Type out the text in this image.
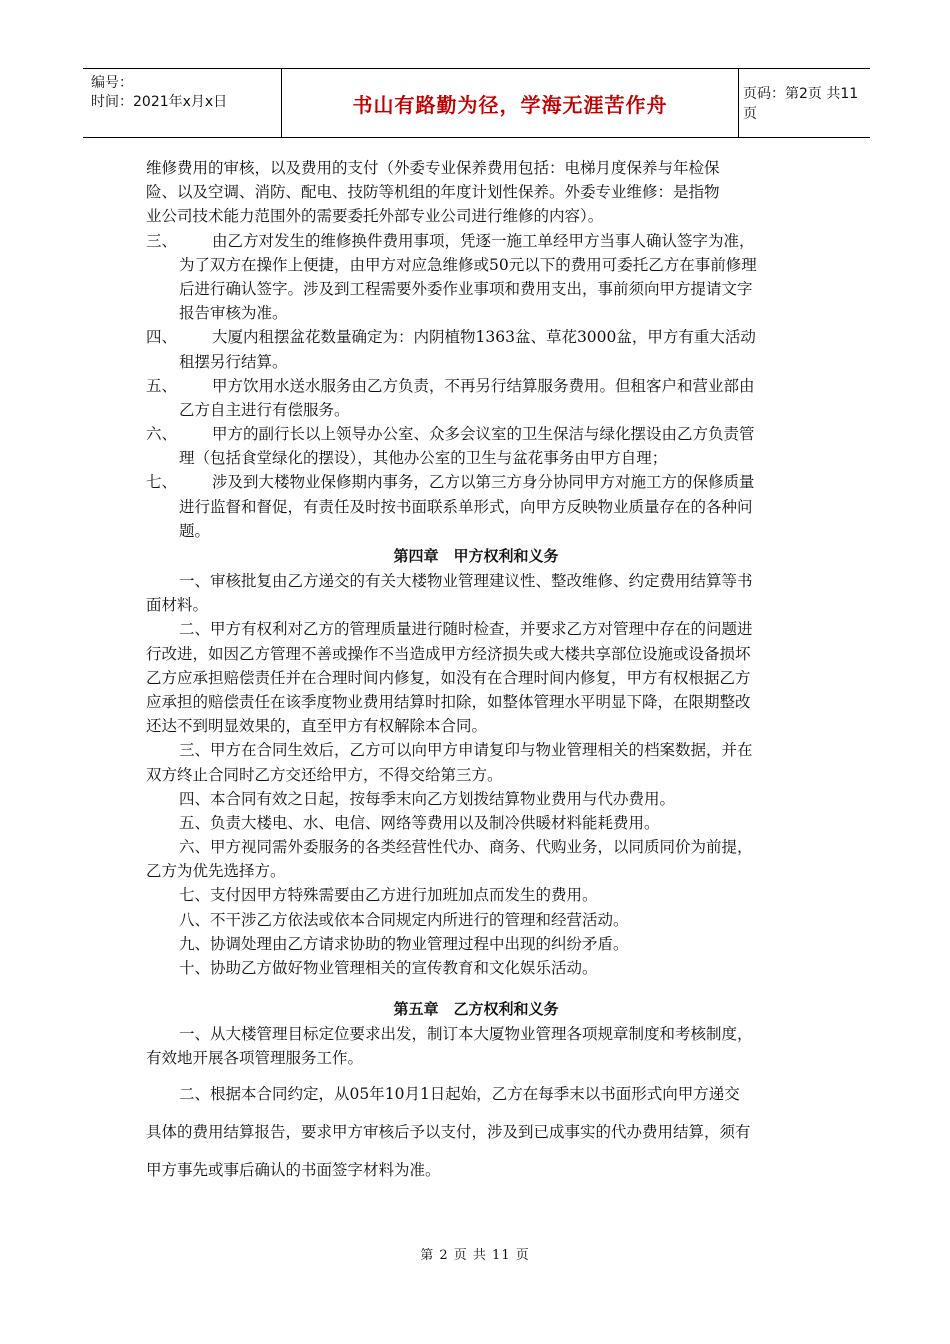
编号：
时间：2021年x月x日	书山有路勤为径，学海无涯苦作舟	页码：第2页 共11页
维修费用的审核，以及费用的支付（外委专业保养费用包括：电梯月度保养与年检保
险、以及空调、消防、配电、技防等机组的年度计划性保养。外委专业维修：是指物
业公司技术能力范围外的需要委托外部专业公司进行维修的内容）。
三、	由乙方对发生的维修换件费用事项，凭逐一施工单经甲方当事人确认签字为准，
为了双方在操作上便捷，由甲方对应急维修或50元以下的费用可委托乙方在事前修理
后进行确认签字。涉及到工程需要外委作业事项和费用支出，事前须向甲方提请文字
报告审核为准。
四、	大厦内租摆盆花数量确定为：内阴植物1363盆、草花3000盆，甲方有重大活动
租摆另行结算。
五、	甲方饮用水送水服务由乙方负责，不再另行结算服务费用。但租客户和营业部由
乙方自主进行有偿服务。
六、	甲方的副行长以上领导办公室、众多会议室的卫生保洁与绿化摆设由乙方负责管
理（包括食堂绿化的摆设），其他办公室的卫生与盆花事务由甲方自理；
七、	涉及到大楼物业保修期内事务，乙方以第三方身分协同甲方对施工方的保修质量
进行监督和督促，有责任及时按书面联系单形式，向甲方反映物业质量存在的各种问
题。
第四章　甲方权利和义务
一、审核批复由乙方递交的有关大楼物业管理建议性、整改维修、约定费用结算等书
面材料。
二、甲方有权利对乙方的管理质量进行随时检查，并要求乙方对管理中存在的问题进
行改进，如因乙方管理不善或操作不当造成甲方经济损失或大楼共享部位设施或设备损坏
乙方应承担赔偿责任并在合理时间内修复，如没有在合理时间内修复，甲方有权根据乙方
应承担的赔偿责任在该季度物业费用结算时扣除，如整体管理水平明显下降，在限期整改
还达不到明显效果的，直至甲方有权解除本合同。
三、甲方在合同生效后，乙方可以向甲方申请复印与物业管理相关的档案数据，并在
双方终止合同时乙方交还给甲方，不得交给第三方。
四、本合同有效之日起，按每季末向乙方划拨结算物业费用与代办费用。
五、负责大楼电、水、电信、网络等费用以及制冷供暖材料能耗费用。
六、甲方视同需外委服务的各类经营性代办、商务、代购业务，以同质同价为前提，
乙方为优先选择方。
七、支付因甲方特殊需要由乙方进行加班加点而发生的费用。
八、不干涉乙方依法或依本合同规定内所进行的管理和经营活动。
九、协调处理由乙方请求协助的物业管理过程中出现的纠纷矛盾。
十、协助乙方做好物业管理相关的宣传教育和文化娱乐活动。
第五章　乙方权利和义务
一、从大楼管理目标定位要求出发，制订本大厦物业管理各项规章制度和考核制度，
有效地开展各项管理服务工作。
二、根据本合同约定，从05年10月1日起始，乙方在每季末以书面形式向甲方递交
具体的费用结算报告，要求甲方审核后予以支付，涉及到已成事实的代办费用结算，须有
甲方事先或事后确认的书面签字材料为准。
第 2 页 共 11 页
